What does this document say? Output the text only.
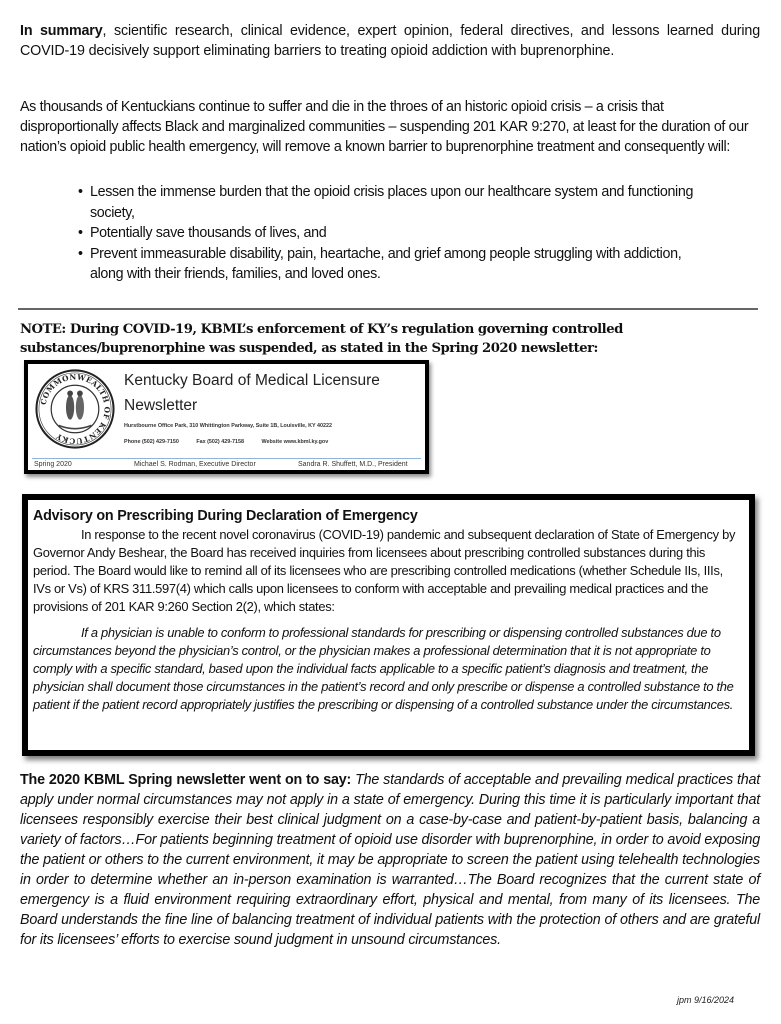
In summary, scientific research, clinical evidence, expert opinion, federal directives, and lessons learned during COVID-19 decisively support eliminating barriers to treating opioid addiction with buprenorphine.

As thousands of Kentuckians continue to suffer and die in the throes of an historic opioid crisis – a crisis that disproportionally affects Black and marginalized communities – suspending 201 KAR 9:270, at least for the duration of our nation’s opioid public health emergency, will remove a known barrier to buprenorphine treatment and consequently will:

• Lessen the immense burden that the opioid crisis places upon our healthcare system and functioning society,
• Potentially save thousands of lives, and
• Prevent immeasurable disability, pain, heartache, and grief among people struggling with addiction, along with their friends, families, and loved ones.

NOTE: During COVID-19, KBML’s enforcement of KY’s regulation governing controlled substances/buprenorphine was suspended, as stated in the Spring 2020 newsletter:

COMMONWEALTH OF KENTUCKY
Kentucky Board of Medical Licensure
Newsletter
Hurstbourne Office Park, 310 Whittington Parkway, Suite 1B, Louisville, KY 40222
Phone (502) 429-7150	Fax (502) 429-7158	Website www.kbml.ky.gov
Spring 2020	Michael S. Rodman, Executive Director	Sandra R. Shuffett, M.D., President

Advisory on Prescribing During Declaration of Emergency

In response to the recent novel coronavirus (COVID-19) pandemic and subsequent declaration of State of Emergency by Governor Andy Beshear, the Board has received inquiries from licensees about prescribing controlled substances during this period. The Board would like to remind all of its licensees who are prescribing controlled medications (whether Schedule IIs, IIIs, IVs or Vs) of KRS 311.597(4) which calls upon licensees to conform with acceptable and prevailing medical practices and the provisions of 201 KAR 9:260 Section 2(2), which states:

If a physician is unable to conform to professional standards for prescribing or dispensing controlled substances due to circumstances beyond the physician’s control, or the physician makes a professional determination that it is not appropriate to comply with a specific standard, based upon the individual facts applicable to a specific patient’s diagnosis and treatment, the physician shall document those circumstances in the patient’s record and only prescribe or dispense a controlled substance to the patient if the patient record appropriately justifies the prescribing or dispensing of a controlled substance under the circumstances.

The 2020 KBML Spring newsletter went on to say: The standards of acceptable and prevailing medical practices that apply under normal circumstances may not apply in a state of emergency. During this time it is particularly important that licensees responsibly exercise their best clinical judgment on a case-by-case and patient-by-patient basis, balancing a variety of factors…For patients beginning treatment of opioid use disorder with buprenorphine, in order to avoid exposing the patient or others to the current environment, it may be appropriate to screen the patient using telehealth technologies in order to determine whether an in-person examination is warranted…The Board recognizes that the current state of emergency is a fluid environment requiring extraordinary effort, physical and mental, from many of its licensees. The Board understands the fine line of balancing treatment of individual patients with the protection of others and are grateful for its licensees’ efforts to exercise sound judgment in unsound circumstances.

jpm 9/16/2024
